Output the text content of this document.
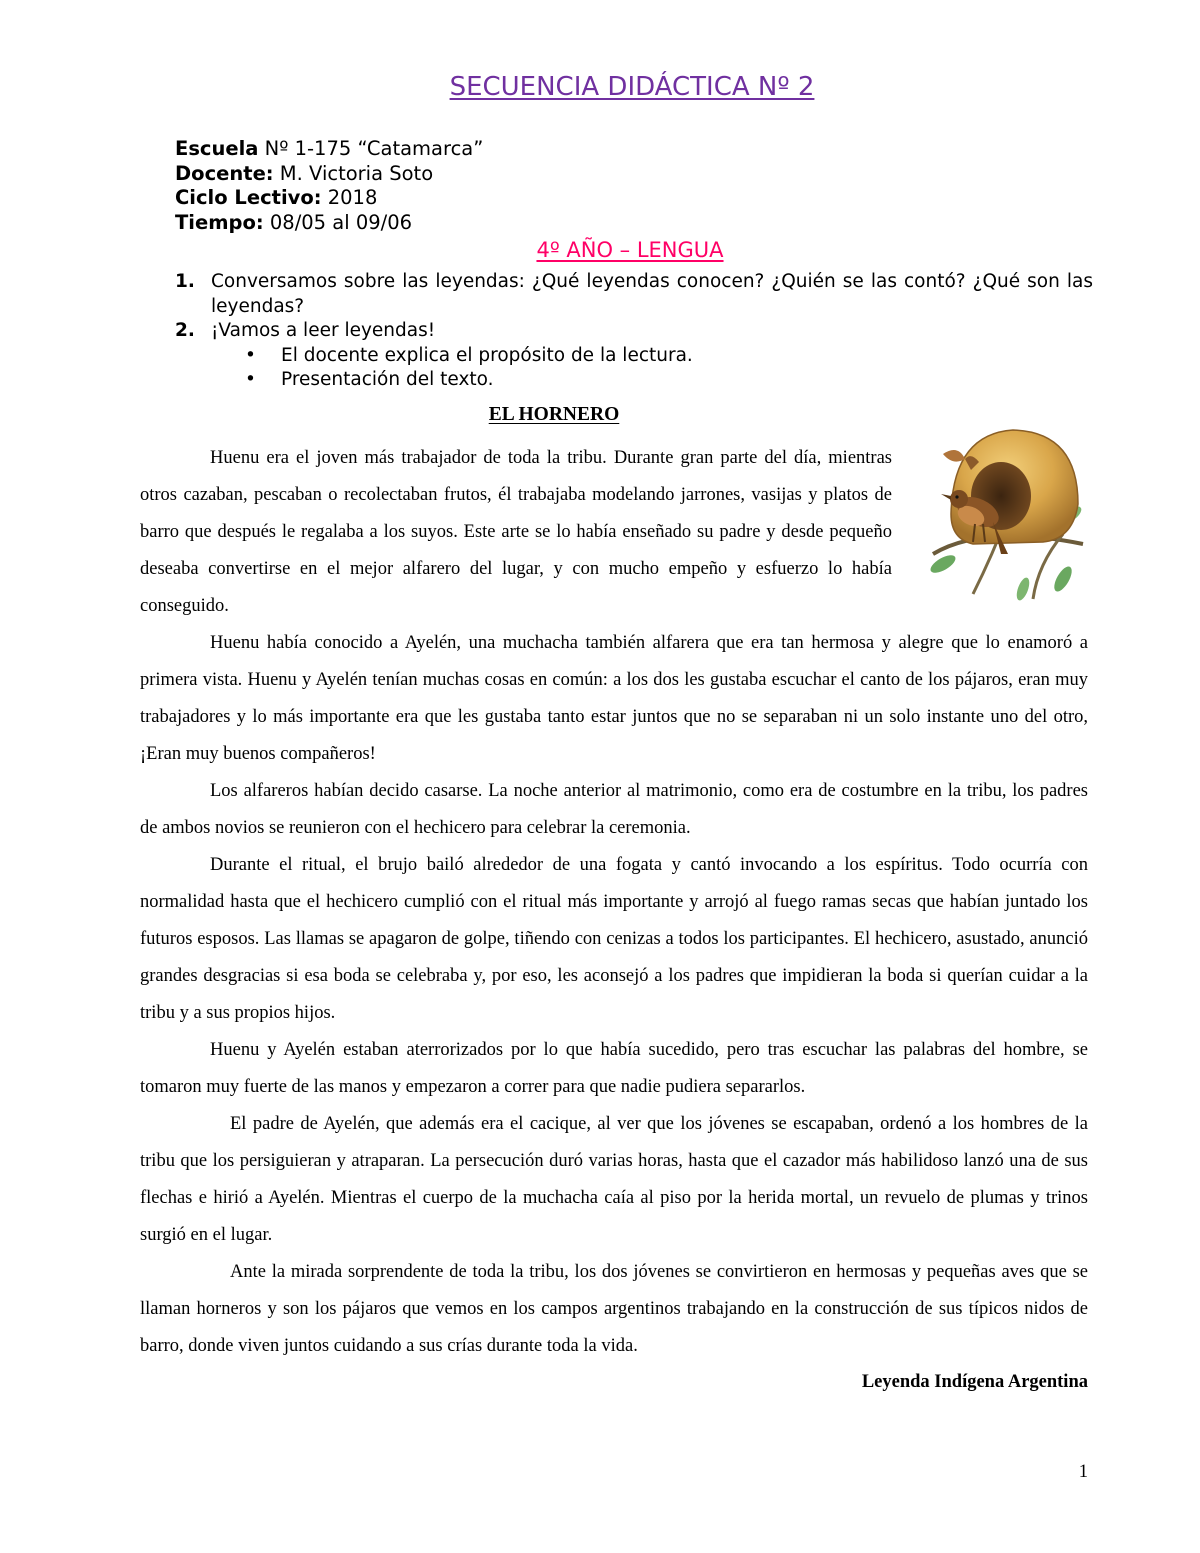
SECUENCIA DIDÁCTICA Nº 2
Escuela Nº 1-175 “Catamarca”
Docente: M. Victoria Soto
Ciclo Lectivo: 2018
Tiempo: 08/05 al 09/06
4º AÑO – LENGUA
1. Conversamos sobre las leyendas: ¿Qué leyendas conocen? ¿Quién se las contó? ¿Qué son las leyendas?
2. ¡Vamos a leer leyendas!
• El docente explica el propósito de la lectura.
• Presentación del texto.
EL HORNERO

Huenu era el joven más trabajador de toda la tribu. Durante gran parte del día, mientras otros cazaban, pescaban o recolectaban frutos, él trabajaba modelando jarrones, vasijas y platos de barro que después le regalaba a los suyos. Este arte se lo había enseñado su padre y desde pequeño deseaba convertirse en el mejor alfarero del lugar, y con mucho empeño y esfuerzo lo había conseguido.

Huenu había conocido a Ayelén, una muchacha también alfarera que era tan hermosa y alegre que lo enamoró a primera vista. Huenu y Ayelén tenían muchas cosas en común: a los dos les gustaba escuchar el canto de los pájaros, eran muy trabajadores y lo más importante era que les gustaba tanto estar juntos que no se separaban ni un solo instante uno del otro, ¡Eran muy buenos compañeros!

Los alfareros habían decido casarse. La noche anterior al matrimonio, como era de costumbre en la tribu, los padres de ambos novios se reunieron con el hechicero para celebrar la ceremonia.

Durante el ritual, el brujo bailó alrededor de una fogata y cantó invocando a los espíritus. Todo ocurría con normalidad hasta que el hechicero cumplió con el ritual más importante y arrojó al fuego ramas secas que habían juntado los futuros esposos. Las llamas se apagaron de golpe, tiñendo con cenizas a todos los participantes. El hechicero, asustado, anunció grandes desgracias si esa boda se celebraba y, por eso, les aconsejó a los padres que impidieran la boda si querían cuidar a la tribu y a sus propios hijos.

Huenu y Ayelén estaban aterrorizados por lo que había sucedido, pero tras escuchar las palabras del hombre, se tomaron muy fuerte de las manos y empezaron a correr para que nadie pudiera separarlos.

El padre de Ayelén, que además era el cacique, al ver que los jóvenes se escapaban, ordenó a los hombres de la tribu que los persiguieran y atraparan. La persecución duró varias horas, hasta que el cazador más habilidoso lanzó una de sus flechas e hirió a Ayelén. Mientras el cuerpo de la muchacha caía al piso por la herida mortal, un revuelo de plumas y trinos surgió en el lugar.

Ante la mirada sorprendente de toda la tribu, los dos jóvenes se convirtieron en hermosas y pequeñas aves que se llaman horneros y son los pájaros que vemos en los campos argentinos trabajando en la construcción de sus típicos nidos de barro, donde viven juntos cuidando a sus crías durante toda la vida.

Leyenda Indígena Argentina
1
